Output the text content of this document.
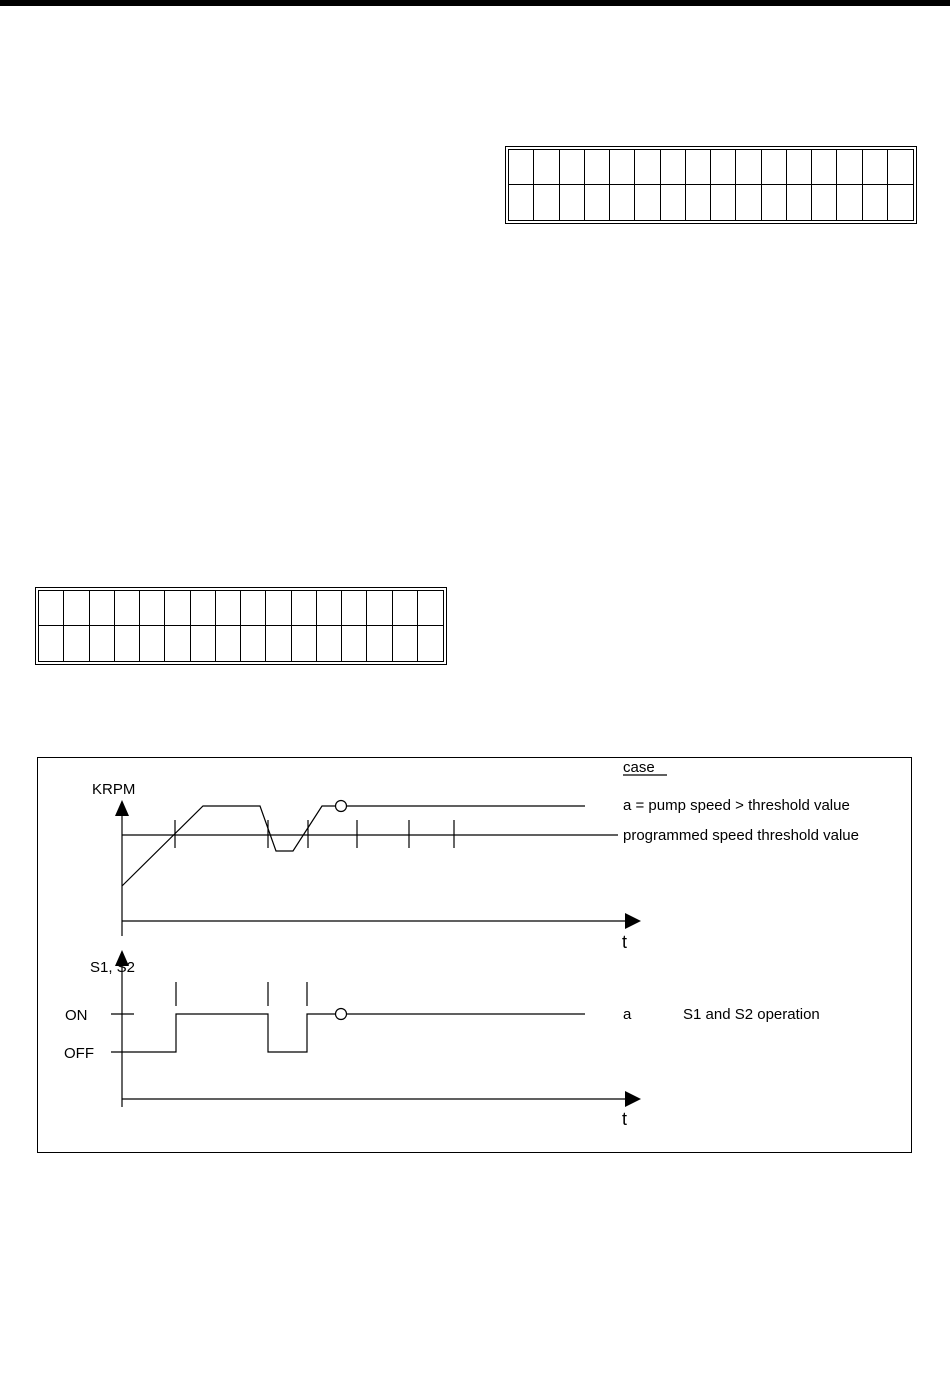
KRPM
t
programmed speed threshold value
case
a = pump speed > threshold value
S1, S2
ON
OFF
t
a	S1 and S2 operation
